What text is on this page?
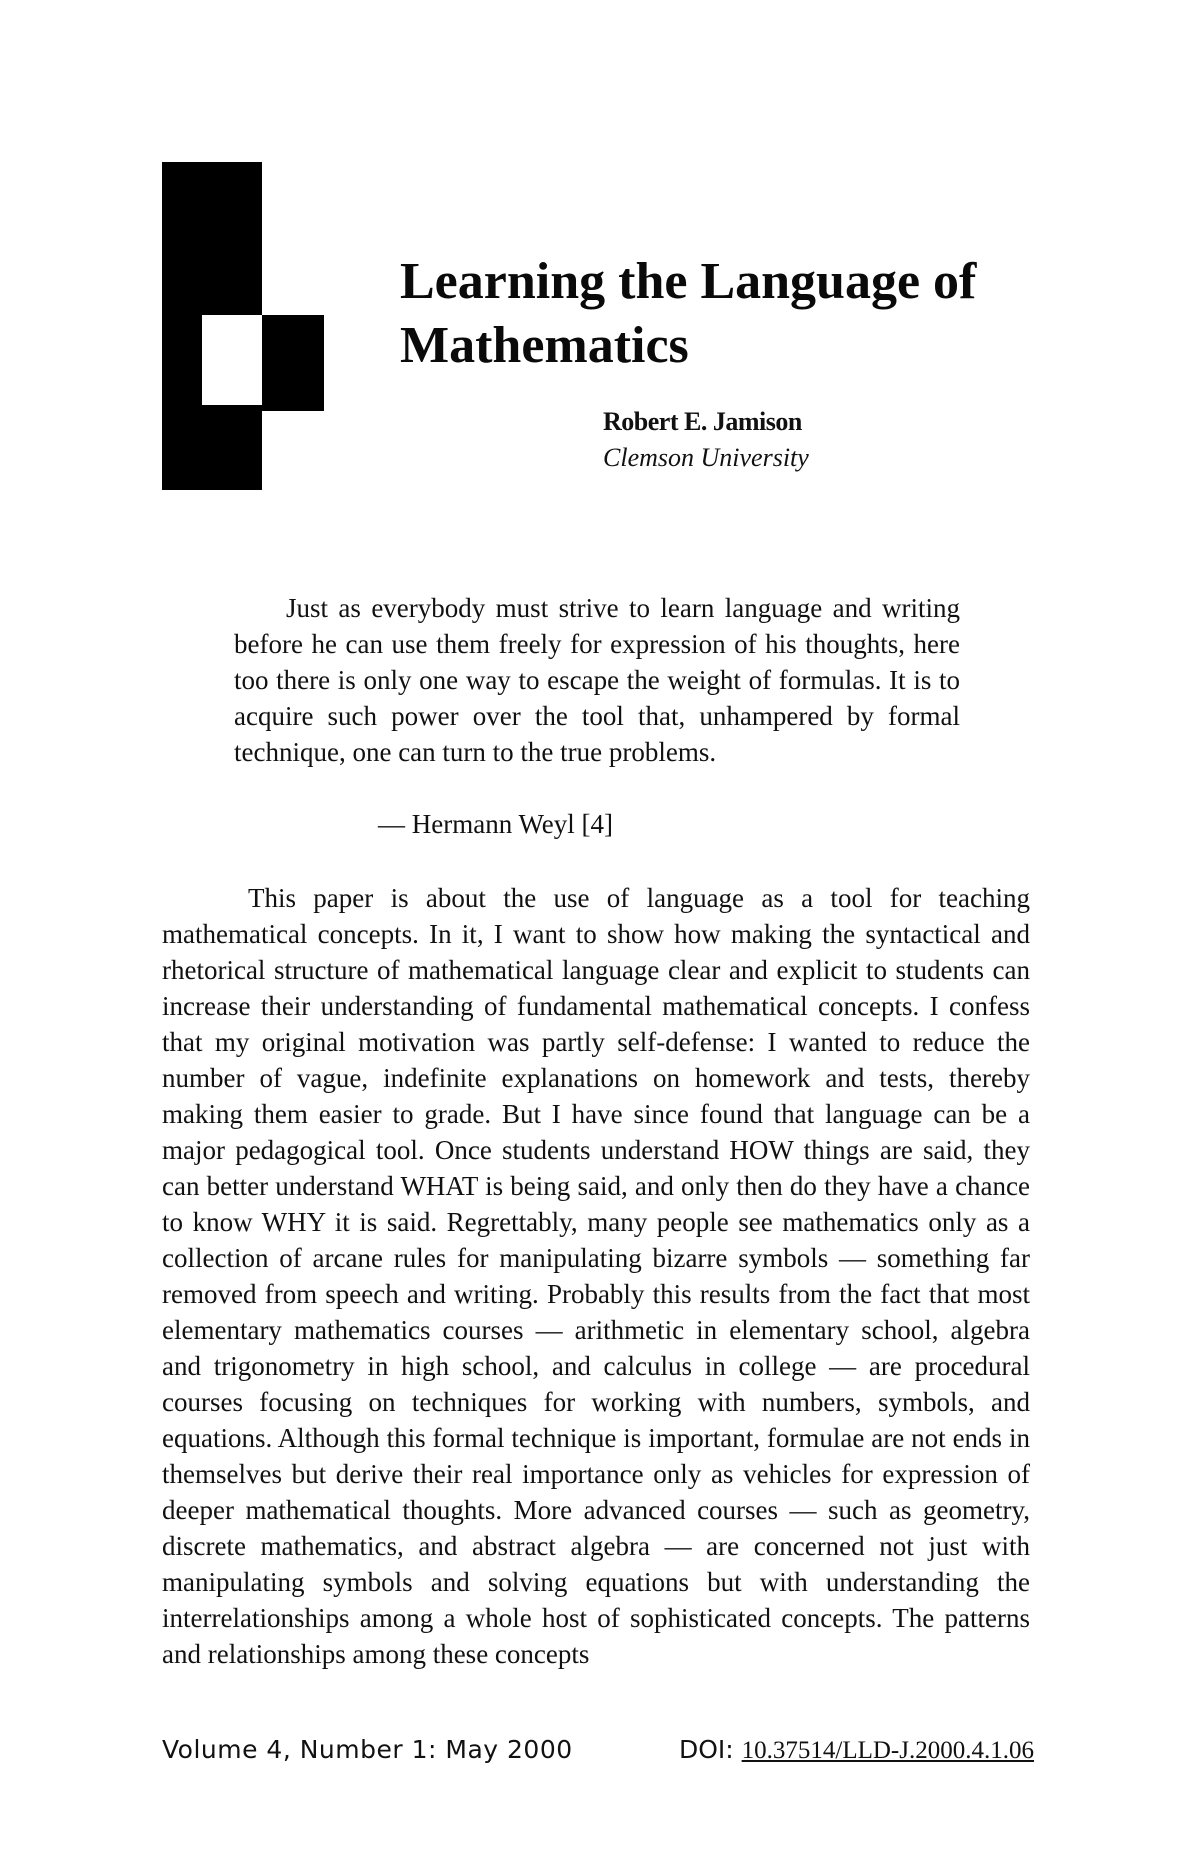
Learning the Language of Mathematics

Robert E. Jamison

Clemson University

Just as everybody must strive to learn language and writing before he can use them freely for expression of his thoughts, here too there is only one way to escape the weight of formulas. It is to acquire such power over the tool that, unhampered by formal technique, one can turn to the true problems.

— Hermann Weyl [4]

This paper is about the use of language as a tool for teaching mathematical concepts. In it, I want to show how making the syntactical and rhetorical structure of mathematical language clear and explicit to students can increase their understanding of fundamental mathematical concepts. I confess that my original motivation was partly self-defense: I wanted to reduce the number of vague, indefinite explanations on homework and tests, thereby making them easier to grade. But I have since found that language can be a major pedagogical tool. Once students understand HOW things are said, they can better understand WHAT is being said, and only then do they have a chance to know WHY it is said. Regrettably, many people see mathematics only as a collection of arcane rules for manipulating bizarre symbols — something far removed from speech and writing. Probably this results from the fact that most elementary mathematics courses — arithmetic in elementary school, algebra and trigonometry in high school, and calculus in college — are procedural courses focusing on techniques for working with numbers, symbols, and equations. Although this formal technique is important, formulae are not ends in themselves but derive their real importance only as vehicles for expression of deeper mathematical thoughts. More advanced courses — such as geometry, discrete mathematics, and abstract algebra — are concerned not just with manipulating symbols and solving equations but with understanding the interrelationships among a whole host of sophisticated concepts. The patterns and relationships among these concepts

Volume 4, Number 1: May 2000	DOI: 10.37514/LLD-J.2000.4.1.06
